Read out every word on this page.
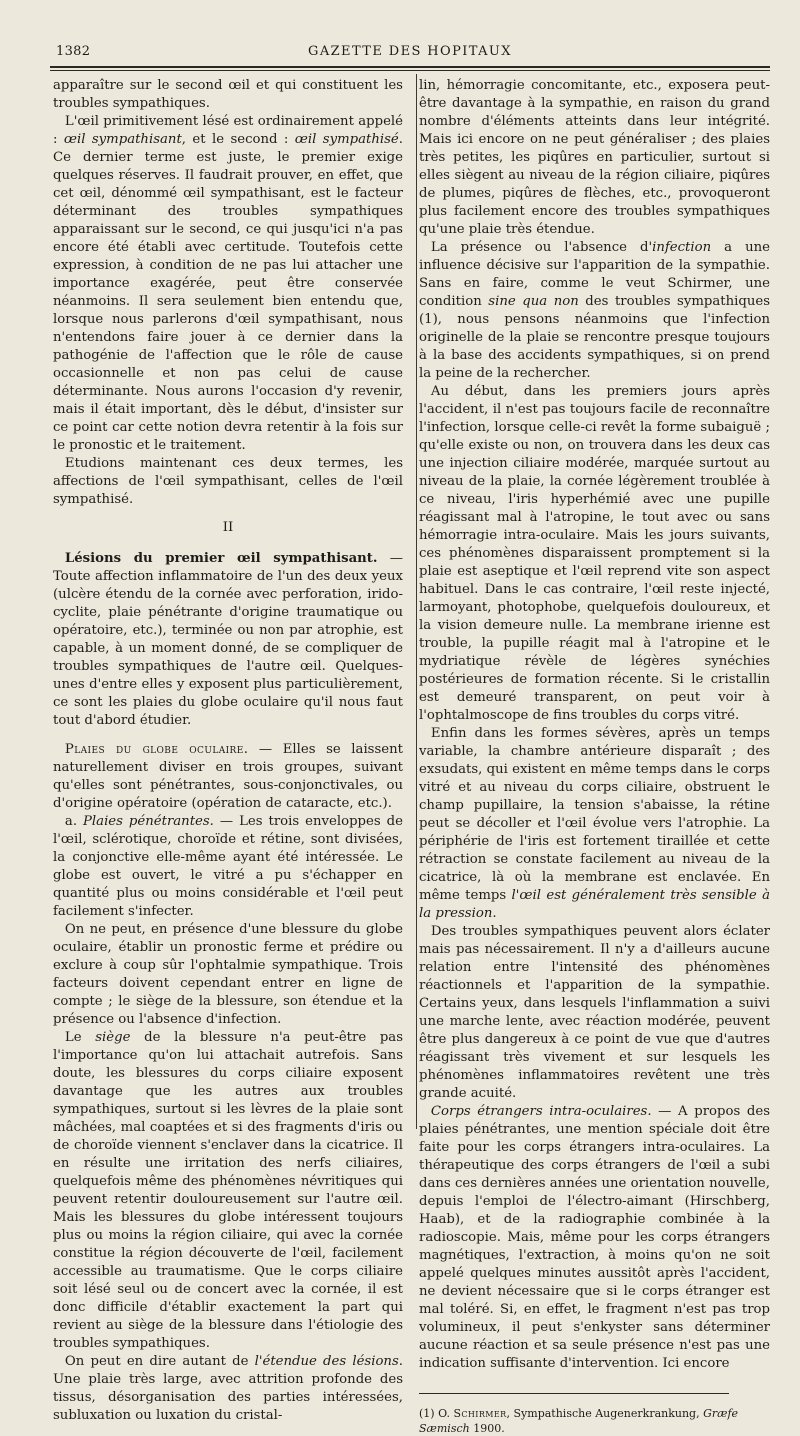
1382	GAZETTE DES HOPITAUX

apparaître sur le second œil et qui constituent les troubles sympathiques.

L'œil primitivement lésé est ordinairement appelé : œil sympathisant, et le second : œil sympathisé. Ce dernier terme est juste, le premier exige quelques réserves. Il faudrait prouver, en effet, que cet œil, dénommé œil sympathisant, est le facteur déterminant des troubles sympathiques apparaissant sur le second, ce qui jusqu'ici n'a pas encore été établi avec certitude. Toutefois cette expression, à condition de ne pas lui attacher une importance exagérée, peut être conservée néanmoins. Il sera seulement bien entendu que, lorsque nous parlerons d'œil sympathisant, nous n'entendons faire jouer à ce dernier dans la pathogénie de l'affection que le rôle de cause occasionnelle et non pas celui de cause déterminante. Nous aurons l'occasion d'y revenir, mais il était important, dès le début, d'insister sur ce point car cette notion devra retentir à la fois sur le pronostic et le traitement.

Etudions maintenant ces deux termes, les affections de l'œil sympathisant, celles de l'œil sympathisé.

II

Lésions du premier œil sympathisant. — Toute affection inflammatoire de l'un des deux yeux (ulcère étendu de la cornée avec perforation, irido-cyclite, plaie pénétrante d'origine traumatique ou opératoire, etc.), terminée ou non par atrophie, est capable, à un moment donné, de se compliquer de troubles sympathiques de l'autre œil. Quelques-unes d'entre elles y exposent plus particulièrement, ce sont les plaies du globe oculaire qu'il nous faut tout d'abord étudier.

Plaies du globe oculaire. — Elles se laissent naturellement diviser en trois groupes, suivant qu'elles sont pénétrantes, sous-conjonctivales, ou d'origine opératoire (opération de cataracte, etc.).

a. Plaies pénétrantes. — Les trois enveloppes de l'œil, sclérotique, choroïde et rétine, sont divisées, la conjonctive elle-même ayant été intéressée. Le globe est ouvert, le vitré a pu s'échapper en quantité plus ou moins considérable et l'œil peut facilement s'infecter.

On ne peut, en présence d'une blessure du globe oculaire, établir un pronostic ferme et prédire ou exclure à coup sûr l'ophtalmie sympathique. Trois facteurs doivent cependant entrer en ligne de compte ; le siège de la blessure, son étendue et la présence ou l'absence d'infection.

Le siège de la blessure n'a peut-être pas l'importance qu'on lui attachait autrefois. Sans doute, les blessures du corps ciliaire exposent davantage que les autres aux troubles sympathiques, surtout si les lèvres de la plaie sont mâchées, mal coaptées et si des fragments d'iris ou de choroïde viennent s'enclaver dans la cicatrice. Il en résulte une irritation des nerfs ciliaires, quelquefois même des phénomènes névritiques qui peuvent retentir douloureusement sur l'autre œil. Mais les blessures du globe intéressent toujours plus ou moins la région ciliaire, qui avec la cornée constitue la région découverte de l'œil, facilement accessible au traumatisme. Que le corps ciliaire soit lésé seul ou de concert avec la cornée, il est donc difficile d'établir exactement la part qui revient au siège de la blessure dans l'étiologie des troubles sympathiques.

On peut en dire autant de l'étendue des lésions. Une plaie très large, avec attrition profonde des tissus, désorganisation des parties intéressées, subluxation ou luxation du cristal-

lin, hémorragie concomitante, etc., exposera peut-être davantage à la sympathie, en raison du grand nombre d'éléments atteints dans leur intégrité. Mais ici encore on ne peut généraliser ; des plaies très petites, les piqûres en particulier, surtout si elles siègent au niveau de la région ciliaire, piqûres de plumes, piqûres de flèches, etc., provoqueront plus facilement encore des troubles sympathiques qu'une plaie très étendue.

La présence ou l'absence d'infection a une influence décisive sur l'apparition de la sympathie. Sans en faire, comme le veut Schirmer, une condition sine qua non des troubles sympathiques (1), nous pensons néanmoins que l'infection originelle de la plaie se rencontre presque toujours à la base des accidents sympathiques, si on prend la peine de la rechercher.

Au début, dans les premiers jours après l'accident, il n'est pas toujours facile de reconnaître l'infection, lorsque celle-ci revêt la forme subaiguë ; qu'elle existe ou non, on trouvera dans les deux cas une injection ciliaire modérée, marquée surtout au niveau de la plaie, la cornée légèrement troublée à ce niveau, l'iris hyperhémié avec une pupille réagissant mal à l'atropine, le tout avec ou sans hémorragie intra-oculaire. Mais les jours suivants, ces phénomènes disparaissent promptement si la plaie est aseptique et l'œil reprend vite son aspect habituel. Dans le cas contraire, l'œil reste injecté, larmoyant, photophobe, quelquefois douloureux, et la vision demeure nulle. La membrane irienne est trouble, la pupille réagit mal à l'atropine et le mydriatique révèle de légères synéchies postérieures de formation récente. Si le cristallin est demeuré transparent, on peut voir à l'ophtalmoscope de fins troubles du corps vitré.

Enfin dans les formes sévères, après un temps variable, la chambre antérieure disparaît ; des exsudats, qui existent en même temps dans le corps vitré et au niveau du corps ciliaire, obstruent le champ pupillaire, la tension s'abaisse, la rétine peut se décoller et l'œil évolue vers l'atrophie. La périphérie de l'iris est fortement tiraillée et cette rétraction se constate facilement au niveau de la cicatrice, là où la membrane est enclavée. En même temps l'œil est généralement très sensible à la pression.

Des troubles sympathiques peuvent alors éclater mais pas nécessairement. Il n'y a d'ailleurs aucune relation entre l'intensité des phénomènes réactionnels et l'apparition de la sympathie. Certains yeux, dans lesquels l'inflammation a suivi une marche lente, avec réaction modérée, peuvent être plus dangereux à ce point de vue que d'autres réagissant très vivement et sur lesquels les phénomènes inflammatoires revêtent une très grande acuité.

Corps étrangers intra-oculaires. — A propos des plaies pénétrantes, une mention spéciale doit être faite pour les corps étrangers intra-oculaires. La thérapeutique des corps étrangers de l'œil a subi dans ces dernières années une orientation nouvelle, depuis l'emploi de l'électro-aimant (Hirschberg, Haab), et de la radiographie combinée à la radioscopie. Mais, même pour les corps étrangers magnétiques, l'extraction, à moins qu'on ne soit appelé quelques minutes aussitôt après l'accident, ne devient nécessaire que si le corps étranger est mal toléré. Si, en effet, le fragment n'est pas trop volumineux, il peut s'enkyster sans déterminer aucune réaction et sa seule présence n'est pas une indication suffisante d'intervention. Ici encore

(1) O. Schirmer, Sympathische Augenerkrankung, Græfe Sæmisch 1900.
